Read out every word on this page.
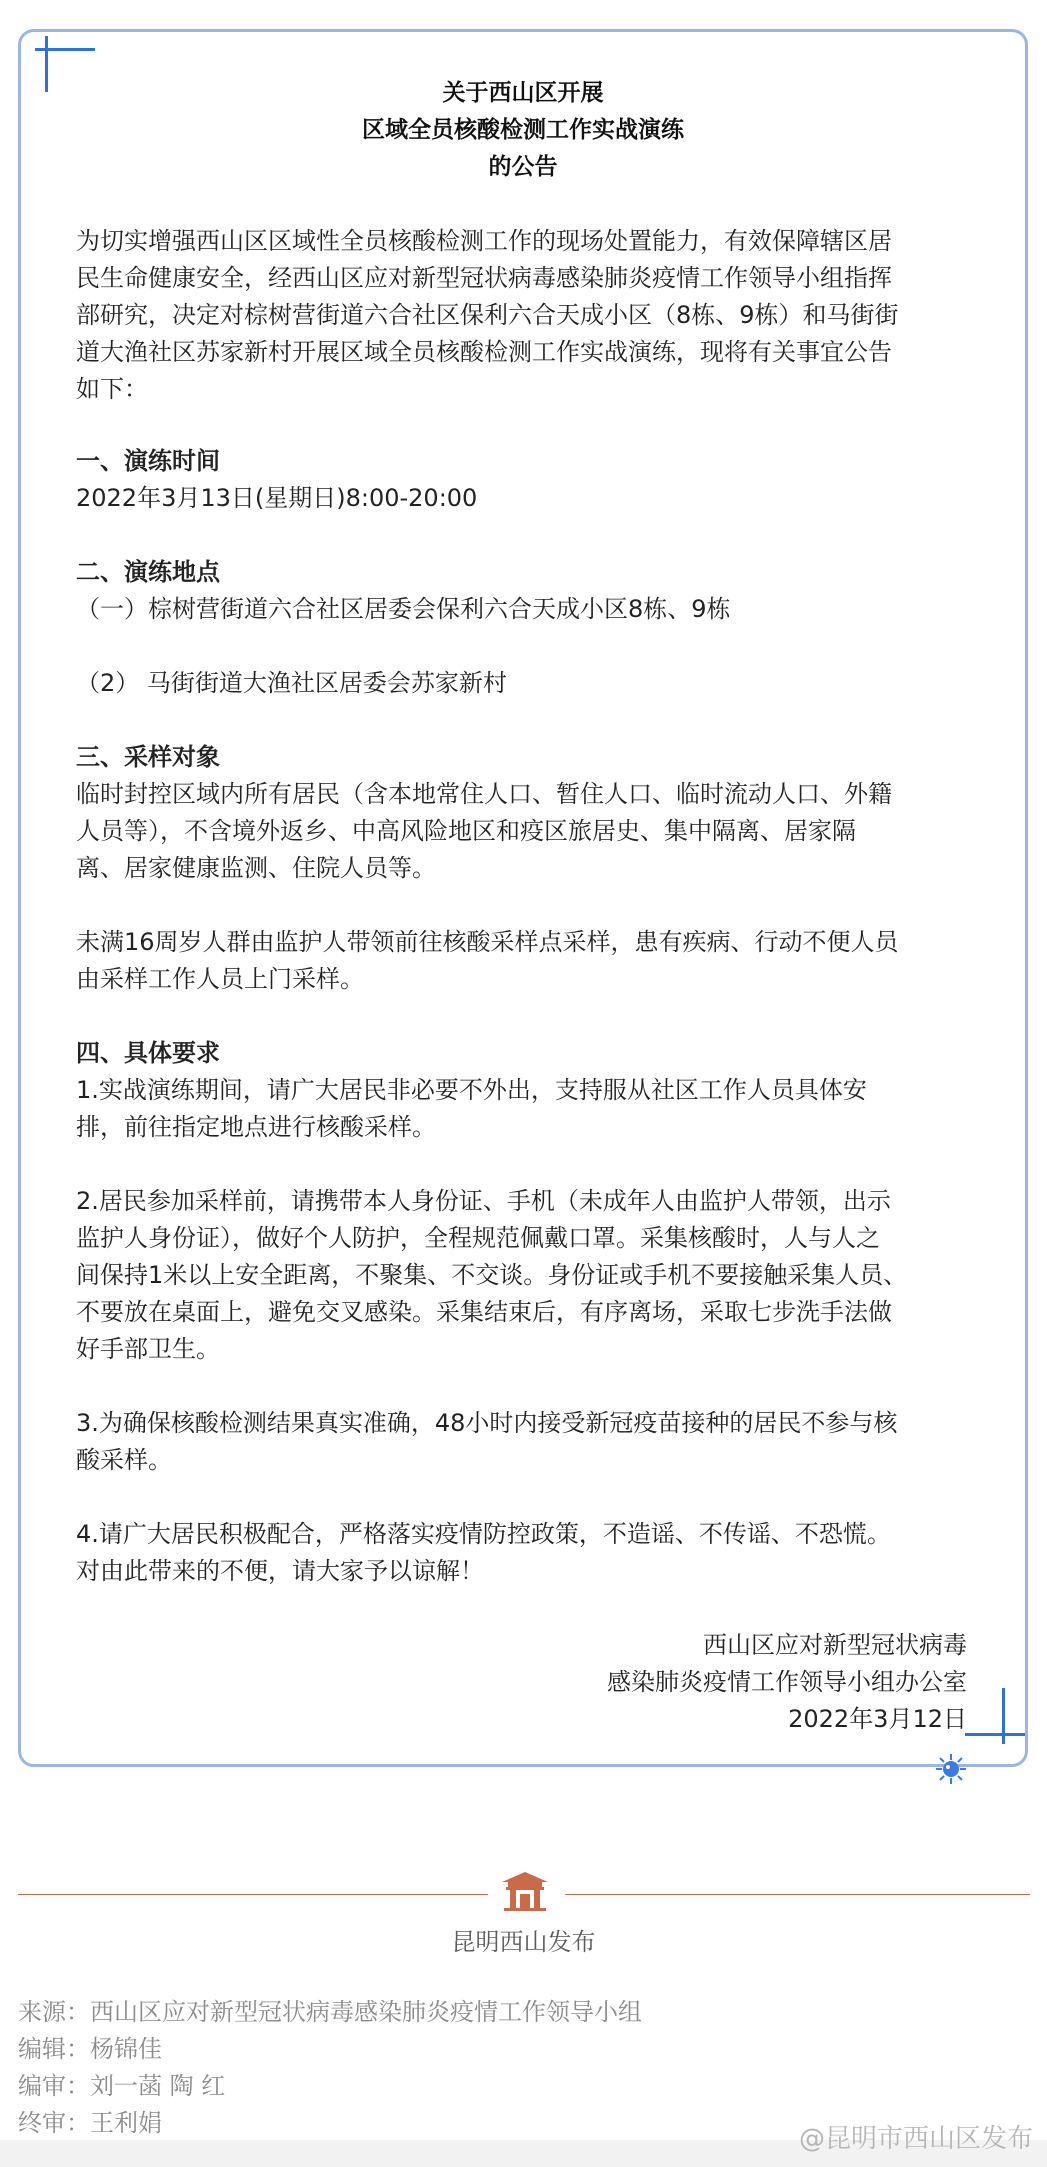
关于西山区开展
区域全员核酸检测工作实战演练
的公告
为切实增强西山区区域性全员核酸检测工作的现场处置能力，有效保障辖区居
民生命健康安全，经西山区应对新型冠状病毒感染肺炎疫情工作领导小组指挥
部研究，决定对棕树营街道六合社区保利六合天成小区（8栋、9栋）和马街街
道大渔社区苏家新村开展区域全员核酸检测工作实战演练，现将有关事宜公告
如下：
一、演练时间
2022年3月13日(星期日)8:00-20:00
二、演练地点
（一）棕树营街道六合社区居委会保利六合天成小区8栋、9栋
（2） 马街街道大渔社区居委会苏家新村
三、采样对象
临时封控区域内所有居民（含本地常住人口、暂住人口、临时流动人口、外籍
人员等），不含境外返乡、中高风险地区和疫区旅居史、集中隔离、居家隔
离、居家健康监测、住院人员等。
未满16周岁人群由监护人带领前往核酸采样点采样，患有疾病、行动不便人员
由采样工作人员上门采样。
四、具体要求
1.实战演练期间，请广大居民非必要不外出，支持服从社区工作人员具体安
排，前往指定地点进行核酸采样。
2.居民参加采样前，请携带本人身份证、手机（未成年人由监护人带领，出示
监护人身份证），做好个人防护，全程规范佩戴口罩。采集核酸时，人与人之
间保持1米以上安全距离，不聚集、不交谈。身份证或手机不要接触采集人员、
不要放在桌面上，避免交叉感染。采集结束后，有序离场，采取七步洗手法做
好手部卫生。
3.为确保核酸检测结果真实准确，48小时内接受新冠疫苗接种的居民不参与核
酸采样。
4.请广大居民积极配合，严格落实疫情防控政策，不造谣、不传谣、不恐慌。
对由此带来的不便，请大家予以谅解！
西山区应对新型冠状病毒
感染肺炎疫情工作领导小组办公室
2022年3月12日
昆明西山发布
来源：西山区应对新型冠状病毒感染肺炎疫情工作领导小组
编辑：杨锦佳
编审：刘一菡 陶 红
终审：王利娟
@昆明市西山区发布
